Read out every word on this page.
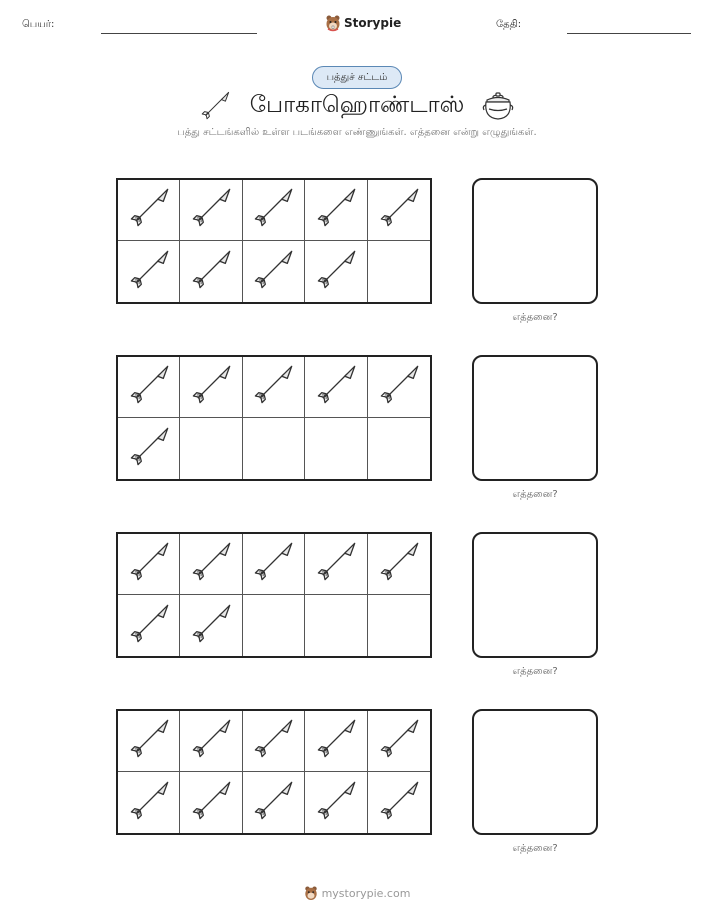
பெயர்:	Storypie	தேதி:
பத்துச் சட்டம்
போகாஹொண்டாஸ்
பத்து சட்டங்களில் உள்ள படங்களை எண்ணுங்கள். எத்தனை என்று எழுதுங்கள்.
எத்தனை?
எத்தனை?
எத்தனை?
எத்தனை?
mystorypie.com
